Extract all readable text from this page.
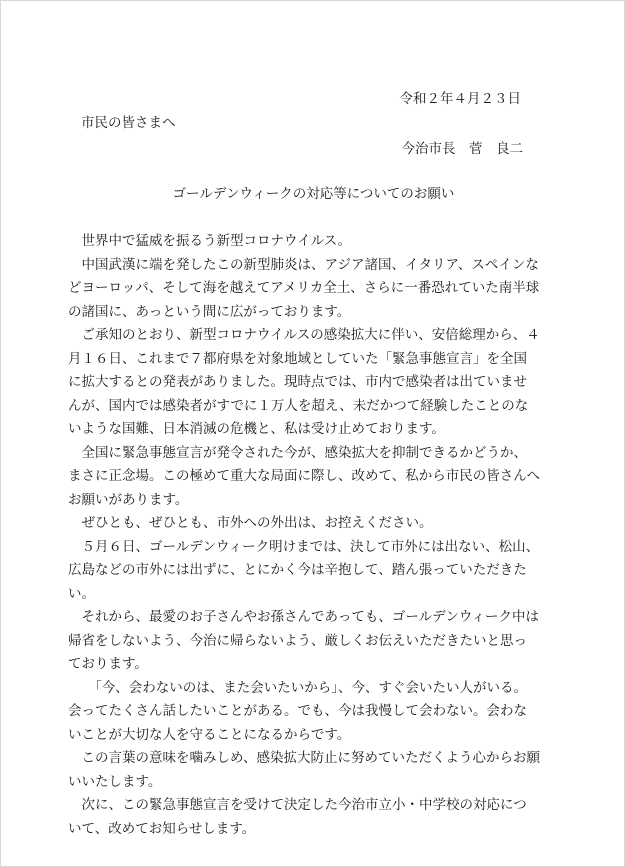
令和２年４月２３日
市民の皆さまへ
今治市長　菅　良二
ゴールデンウィークの対応等についてのお願い

世界中で猛威を振るう新型コロナウイルス。

中国武漢に端を発したこの新型肺炎は、アジア諸国、イタリア、スペインなどヨーロッパ、そして海を越えてアメリカ全土、さらに一番恐れていた南半球の諸国に、あっという間に広がっております。

ご承知のとおり、新型コロナウイルスの感染拡大に伴い、安倍総理から、４月１６日、これまで７都府県を対象地域としていた「緊急事態宣言」を全国に拡大するとの発表がありました。現時点では、市内で感染者は出ていませんが、国内では感染者がすでに１万人を超え、未だかつて経験したことのないような国難、日本消滅の危機と、私は受け止めております。

全国に緊急事態宣言が発令された今が、感染拡大を抑制できるかどうか、まさに正念場。この極めて重大な局面に際し、改めて、私から市民の皆さんへお願いがあります。

ぜひとも、ぜひとも、市外への外出は、お控えください。

５月６日、ゴールデンウィーク明けまでは、決して市外には出ない、松山、広島などの市外には出ずに、とにかく今は辛抱して、踏ん張っていただきたい。

それから、最愛のお子さんやお孫さんであっても、ゴールデンウィーク中は帰省をしないよう、今治に帰らないよう、厳しくお伝えいただきたいと思っております。

「今、会わないのは、また会いたいから」、今、すぐ会いたい人がいる。会ってたくさん話したいことがある。でも、今は我慢して会わない。会わないことが大切な人を守ることになるからです。

この言葉の意味を噛みしめ、感染拡大防止に努めていただくよう心からお願いいたします。

次に、この緊急事態宣言を受けて決定した今治市立小・中学校の対応について、改めてお知らせします。
